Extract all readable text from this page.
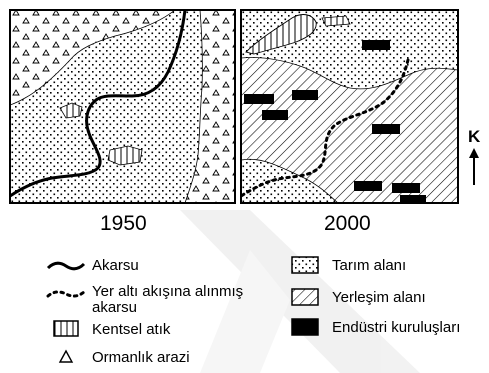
1950	2000
K
Akarsu
Yer altı akışına alınmış akarsu
Kentsel atık
Ormanlık arazi
Tarım alanı
Yerleşim alanı
Endüstri kuruluşları
